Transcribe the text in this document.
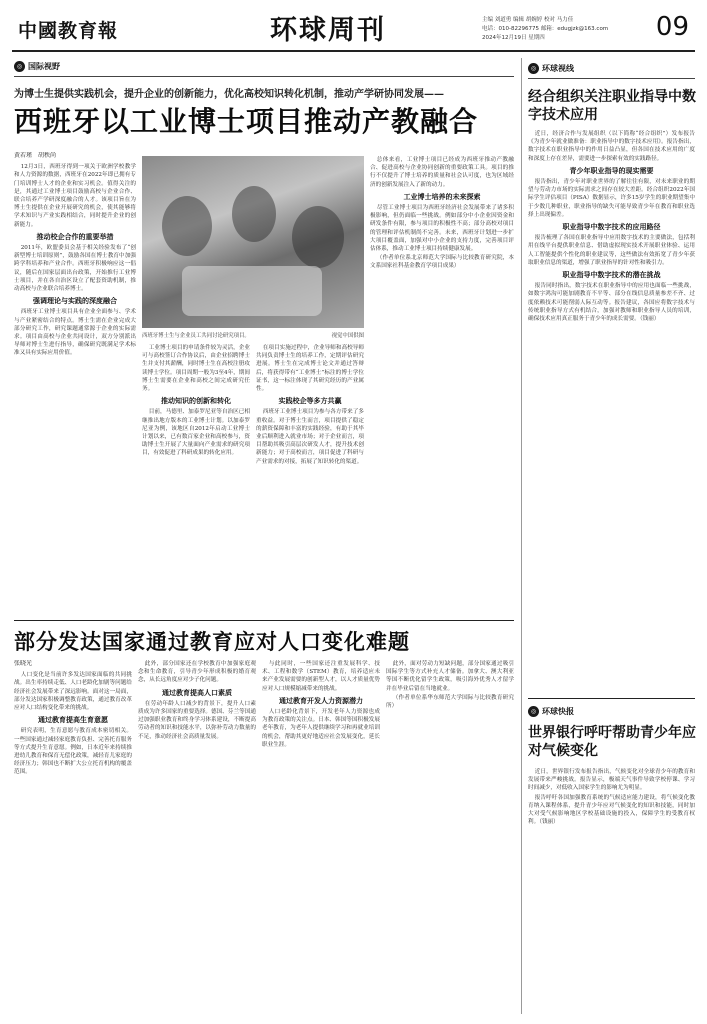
中國教育報	环球周刊	主编 刘道勇 编辑 胡婉婷 校对 马力佳
电话：010-82296775 邮箱：edugjzk@163.com
2024年12月19日 星期四	09
◎ 国际视野
为博士生提供实践机会，提升企业的创新能力，优化高校知识转化机制，推动产学研协同发展——
西班牙以工业博士项目推动产教融合
黄若瑾　胡秩尚

12月3日，西班牙得到一项关于欧洲学校教学和人力资源的数据，西班牙在2022年即已拥有专门培训博士人才的企业和实习机会。值得关注的是，其通过工业博士项目鼓励高校与企业合作、联合培养产学研深度融合的人才。该项目旨在为博士生提供在企业开展研究的机会，使其能够将学术知识与产业实践相结合，同时提升企业的创新能力。

推动校企合作的重要举措

2011年，欧盟委员会基于相关经验发布了“创新型博士培训原则”，鼓励各国在博士教育中加强跨学科培养和产业合作。西班牙积极响应这一倡议，随后在国家层面出台政策，开始推行工业博士项目，并在各自治区设立了配套资助机制，推动高校与企业联合培养博士。

强调理论与实践的深度融合

西班牙工业博士项目具有企业全面参与、学术与产业紧密结合的特点。博士生需在企业完成大部分研究工作，研究课题通常源于企业的实际需求。项目由高校与企业共同设计，双方分别派出导师对博士生进行指导，确保研究既满足学术标准又具有实际应用价值。

西班牙博士生与企业员工共同讨论研究项目。	视觉中国供图

工业博士项目的申请条件较为灵活，企业可与高校签订合作协议后，由企业招聘博士生并支付其薪酬，同时博士生在高校注册攻读博士学位。项目周期一般为3至4年，期间博士生需要在企业和高校之间完成研究任务。

推动知识的创新和转化

目前，马德里、加泰罗尼亚等自治区已相继推出地方版本的工业博士计划。以加泰罗尼亚为例，该地区自2012年启动工业博士计划以来，已有数百家企业和高校参与，资助博士生开展了大量面向产业需求的研究项目，有效促进了科研成果的转化应用。

在项目实施过程中，企业导师和高校导师共同负责博士生的培养工作，定期评估研究进展。博士生在完成博士论文并通过答辩后，将获得带有“工业博士”标注的博士学位证书，这一标注体现了其研究经历的产业属性。

实践校企等多方共赢

西班牙工业博士项目为参与各方带来了多重收益。对于博士生而言，项目提供了稳定的薪资保障和丰富的实践经验，有助于其毕业后顺利进入就业市场；对于企业而言，项目帮助其吸引高层次研发人才，提升技术创新能力；对于高校而言，项目促进了科研与产业需求的对接，拓展了知识转化的渠道。

总体来看，工业博士项目已经成为西班牙推动产教融合、促进高校与企业协同创新的重要政策工具。项目的推行不仅提升了博士培养的质量和社会认可度，也为区域经济的创新发展注入了新的动力。

工业博士培养的未来探索

尽管工业博士项目为西班牙经济社会发展带来了诸多积极影响，但仍面临一些挑战。例如部分中小企业因资金和研发条件有限，参与项目的积极性不高；部分高校对项目的管理和评估机制尚不完善。未来，西班牙计划进一步扩大项目覆盖面，加强对中小企业的支持力度，完善项目评估体系，推动工业博士项目持续健康发展。

（作者单位系北京师范大学国际与比较教育研究院，本文系国家社科基金教育学项目成果）

◎ 环球视线
经合组织关注职业指导中数字技术应用

近日，经济合作与发展组织（以下简称“经合组织”）发布报告《为青少年就业做准备：职业指导中的数字技术应用》。报告指出，数字技术在职业指导中的作用日益凸显，但各国在技术应用的广度和深度上存在差异，需要进一步探索有效的实践路径。

青少年职业指导的现实需要

报告指出，青少年对职业世界的了解往往有限，对未来职业的期望与劳动力市场的实际需求之间存在较大差距。经合组织2022年国际学生评估项目（PISA）数据显示，许多15岁学生的职业期望集中于少数几种职业，职业指导的缺失可能导致青少年在教育和职业选择上出现偏差。

职业指导中数字技术的应用路径

报告梳理了各国在职业指导中应用数字技术的主要做法，包括利用在线平台提供职业信息、借助虚拟现实技术开展职业体验、运用人工智能提供个性化的职业建议等，这些做法有效拓宽了青少年获取职业信息的渠道，增强了职业指导的针对性和吸引力。

职业指导中数字技术的潜在挑战

报告同时指出，数字技术在职业指导中的应用也面临一些挑战，如数字鸿沟可能加剧教育不平等、部分在线信息质量参差不齐、过度依赖技术可能削弱人际互动等。报告建议，各国应将数字技术与传统职业指导方式有机结合，加强对教师和职业指导人员的培训，确保技术应用真正服务于青少年的成长需要。（钱丽）

部分发达国家通过教育应对人口变化难题
张晓光

人口变化是当前许多发达国家面临的共同挑战。出生率持续走低、人口老龄化加剧等问题给经济社会发展带来了深远影响。面对这一局面，部分发达国家积极调整教育政策，通过教育改革应对人口结构变化带来的挑战。

通过教育提高生育意愿

研究表明，生育意愿与教育成本密切相关。一些国家通过减轻家庭教育负担、完善托育服务等方式提升生育意愿。例如，日本近年来持续推进幼儿教育和保育无偿化政策，减轻育儿家庭的经济压力；韩国也不断扩大公立托育机构的覆盖范围。

此外，部分国家还在学校教育中加强家庭观念和生命教育，引导青少年形成积极的婚育观念，从长远角度应对少子化问题。

通过教育提高人口素质

在劳动年龄人口减少的背景下，提升人口素质成为许多国家的重要选择。德国、芬兰等国通过加强职业教育和终身学习体系建设，不断提高劳动者的知识和技能水平，以弥补劳动力数量的不足，推动经济社会高质量发展。

与此同时，一些国家还注重发展科学、技术、工程和数学（STEM）教育，培养适应未来产业发展需要的创新型人才，以人才质量优势应对人口规模缩减带来的挑战。

通过教育开发人力资源潜力

人口老龄化背景下，开发老年人力资源也成为教育政策的关注点。日本、韩国等国积极发展老年教育，为老年人提供继续学习和再就业培训的机会，帮助其更好地适应社会发展变化，延长职业生涯。

此外，面对劳动力短缺问题，部分国家通过吸引国际学生等方式补充人才储备。加拿大、澳大利亚等国不断优化留学生政策，吸引海外优秀人才留学并在毕业后留在当地就业。

（作者单位系华东师范大学国际与比较教育研究所）

◎ 环球快报
世界银行呼吁帮助青少年应对气候变化

近日，世界银行发布报告指出，气候变化对全球青少年的教育和发展带来严峻挑战。报告显示，极端天气事件导致学校停课、学习时间减少，对低收入国家学生的影响尤为明显。

报告呼吁各国加强教育系统的气候适应能力建设，将气候变化教育纳入课程体系，提升青少年应对气候变化的知识和技能，同时加大对受气候影响地区学校基础设施的投入，保障学生的受教育权利。（钱丽）
